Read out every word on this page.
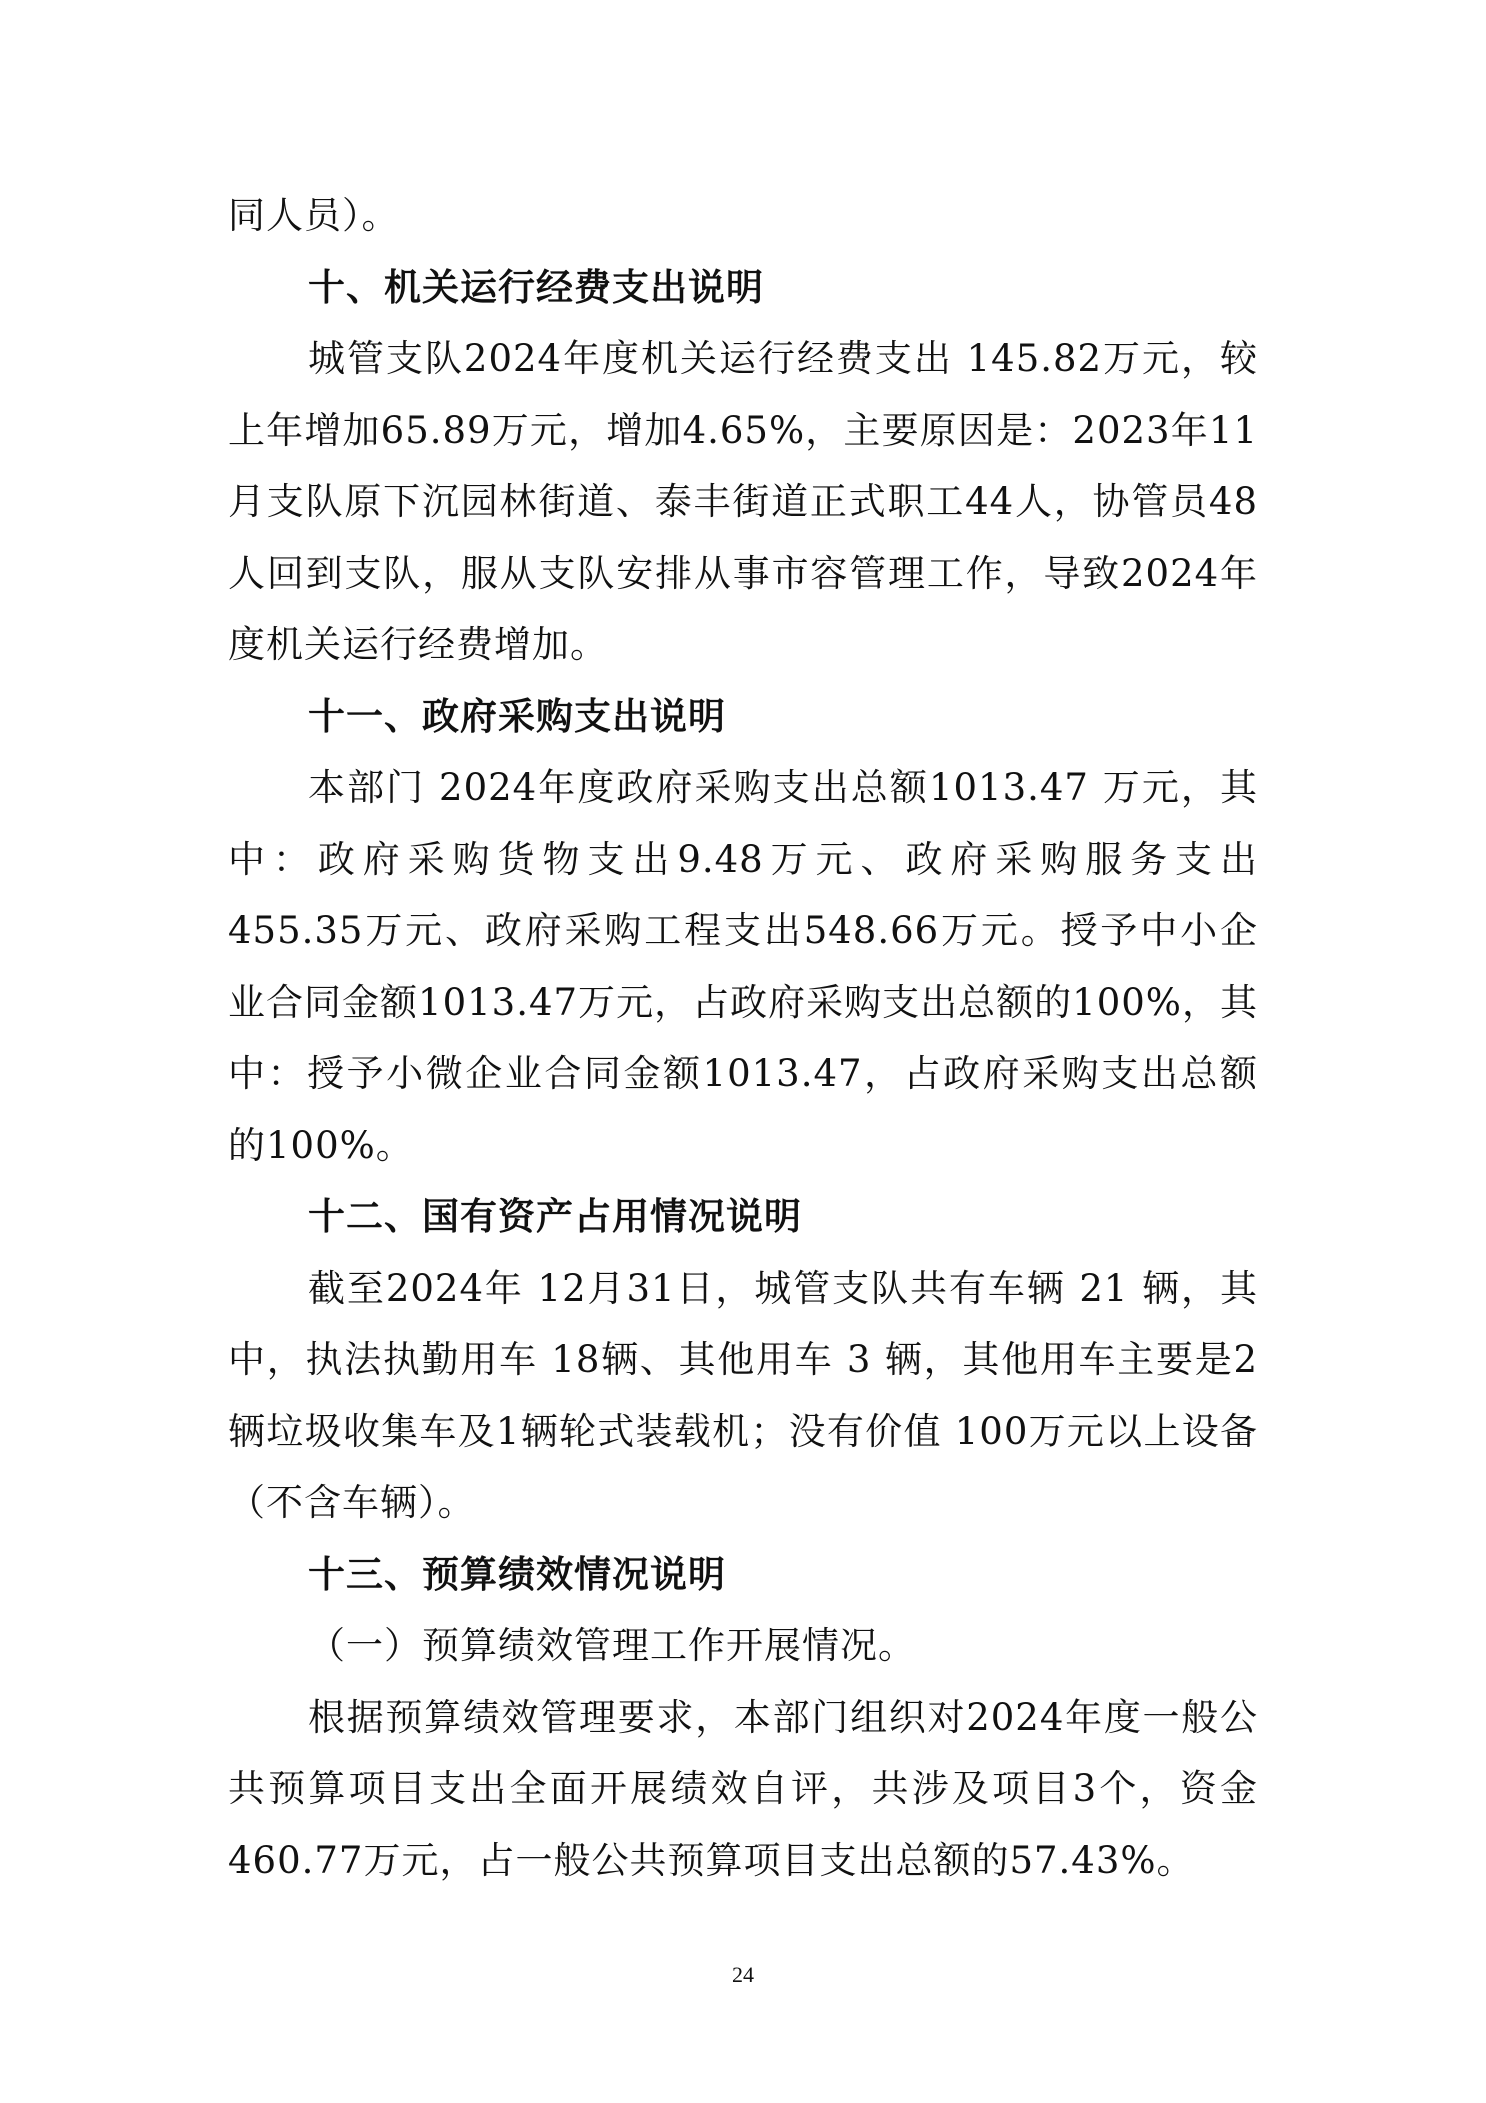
同人员）。

十、机关运行经费支出说明

城管支队2024年度机关运行经费支出 145.82万元，较上年增加65.89万元，增加4.65%，主要原因是：2023年11月支队原下沉园林街道、泰丰街道正式职工44人，协管员48人回到支队，服从支队安排从事市容管理工作，导致2024年度机关运行经费增加。

十一、政府采购支出说明

本部门 2024年度政府采购支出总额1013.47 万元，其中：政府采购货物支出9.48万元、政府采购服务支出 455.35万元、政府采购工程支出548.66万元。授予中小企业合同金额1013.47万元，占政府采购支出总额的100%，其中：授予小微企业合同金额1013.47，占政府采购支出总额的100%。

十二、国有资产占用情况说明

截至2024年 12月31日，城管支队共有车辆 21 辆，其中，执法执勤用车 18辆、其他用车 3 辆，其他用车主要是2辆垃圾收集车及1辆轮式装载机；没有价值 100万元以上设备（不含车辆）。

十三、预算绩效情况说明

（一）预算绩效管理工作开展情况。

根据预算绩效管理要求，本部门组织对2024年度一般公共预算项目支出全面开展绩效自评，共涉及项目3个，资金460.77万元，占一般公共预算项目支出总额的57.43%。

24
